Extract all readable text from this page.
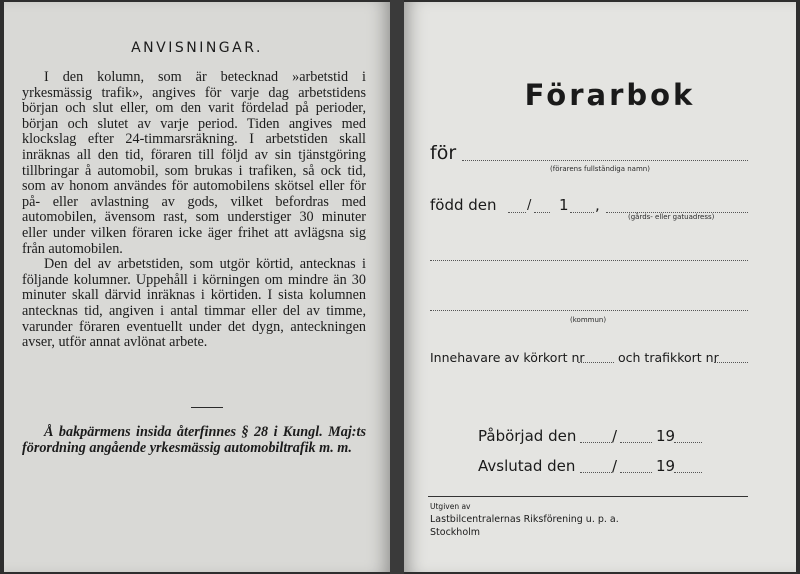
ANVISNINGAR.

I den kolumn, som är betecknad »arbetstid i yrkesmässig trafik», angives för varje dag arbetstidens början och slut eller, om den varit fördelad på perioder, början och slutet av varje period. Tiden angives med klockslag efter 24-timmarsräkning. I arbetstiden skall inräknas all den tid, föraren till följd av sin tjänstgöring tillbringar å automobil, som brukas i trafiken, så ock tid, som av honom användes för automobilens skötsel eller för på- eller avlastning av gods, vilket befordras med automobilen, ävensom rast, som understiger 30 minuter eller under vilken föraren icke äger frihet att avlägsna sig från automobilen.

Den del av arbetstiden, som utgör körtid, antecknas i följande kolumner. Uppehåll i körningen om mindre än 30 minuter skall därvid inräknas i körtiden. I sista kolumnen antecknas tid, angiven i antal timmar eller del av timme, varunder föraren eventuellt under det dygn, anteckningen avser, utför annat avlönat arbete.

Å bakpärmens insida återfinnes § 28 i Kungl. Maj:ts förordning angående yrkesmässig automobiltrafik m. m.

Förarbok
för
(förarens fullständiga namn)
född den / 1 ,
(gårds- eller gatuadress)
(kommun)
Innehavare av körkort nr	och trafikkort nr
Påbörjad den /	19
Avslutad den /	19
Utgiven av
Lastbilcentralernas Riksförening u. p. a.
Stockholm
